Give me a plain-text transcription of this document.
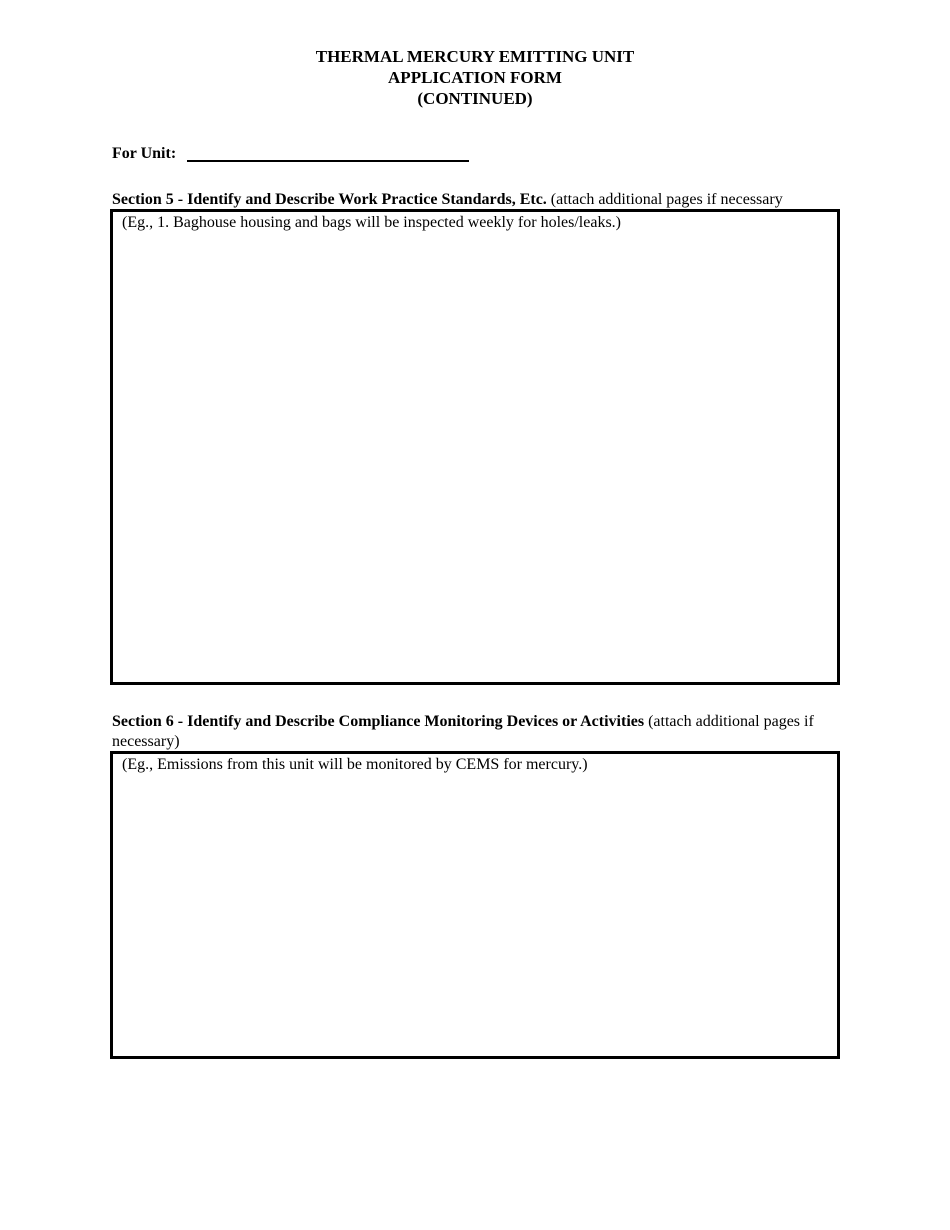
THERMAL MERCURY EMITTING UNIT
APPLICATION FORM
(CONTINUED)
For Unit:
Section 5 - Identify and Describe Work Practice Standards, Etc. (attach additional pages if necessary
(Eg., 1. Baghouse housing and bags will be inspected weekly for holes/leaks.)
Section 6 - Identify and Describe Compliance Monitoring Devices or Activities (attach additional pages if necessary)
(Eg., Emissions from this unit will be monitored by CEMS for mercury.)
